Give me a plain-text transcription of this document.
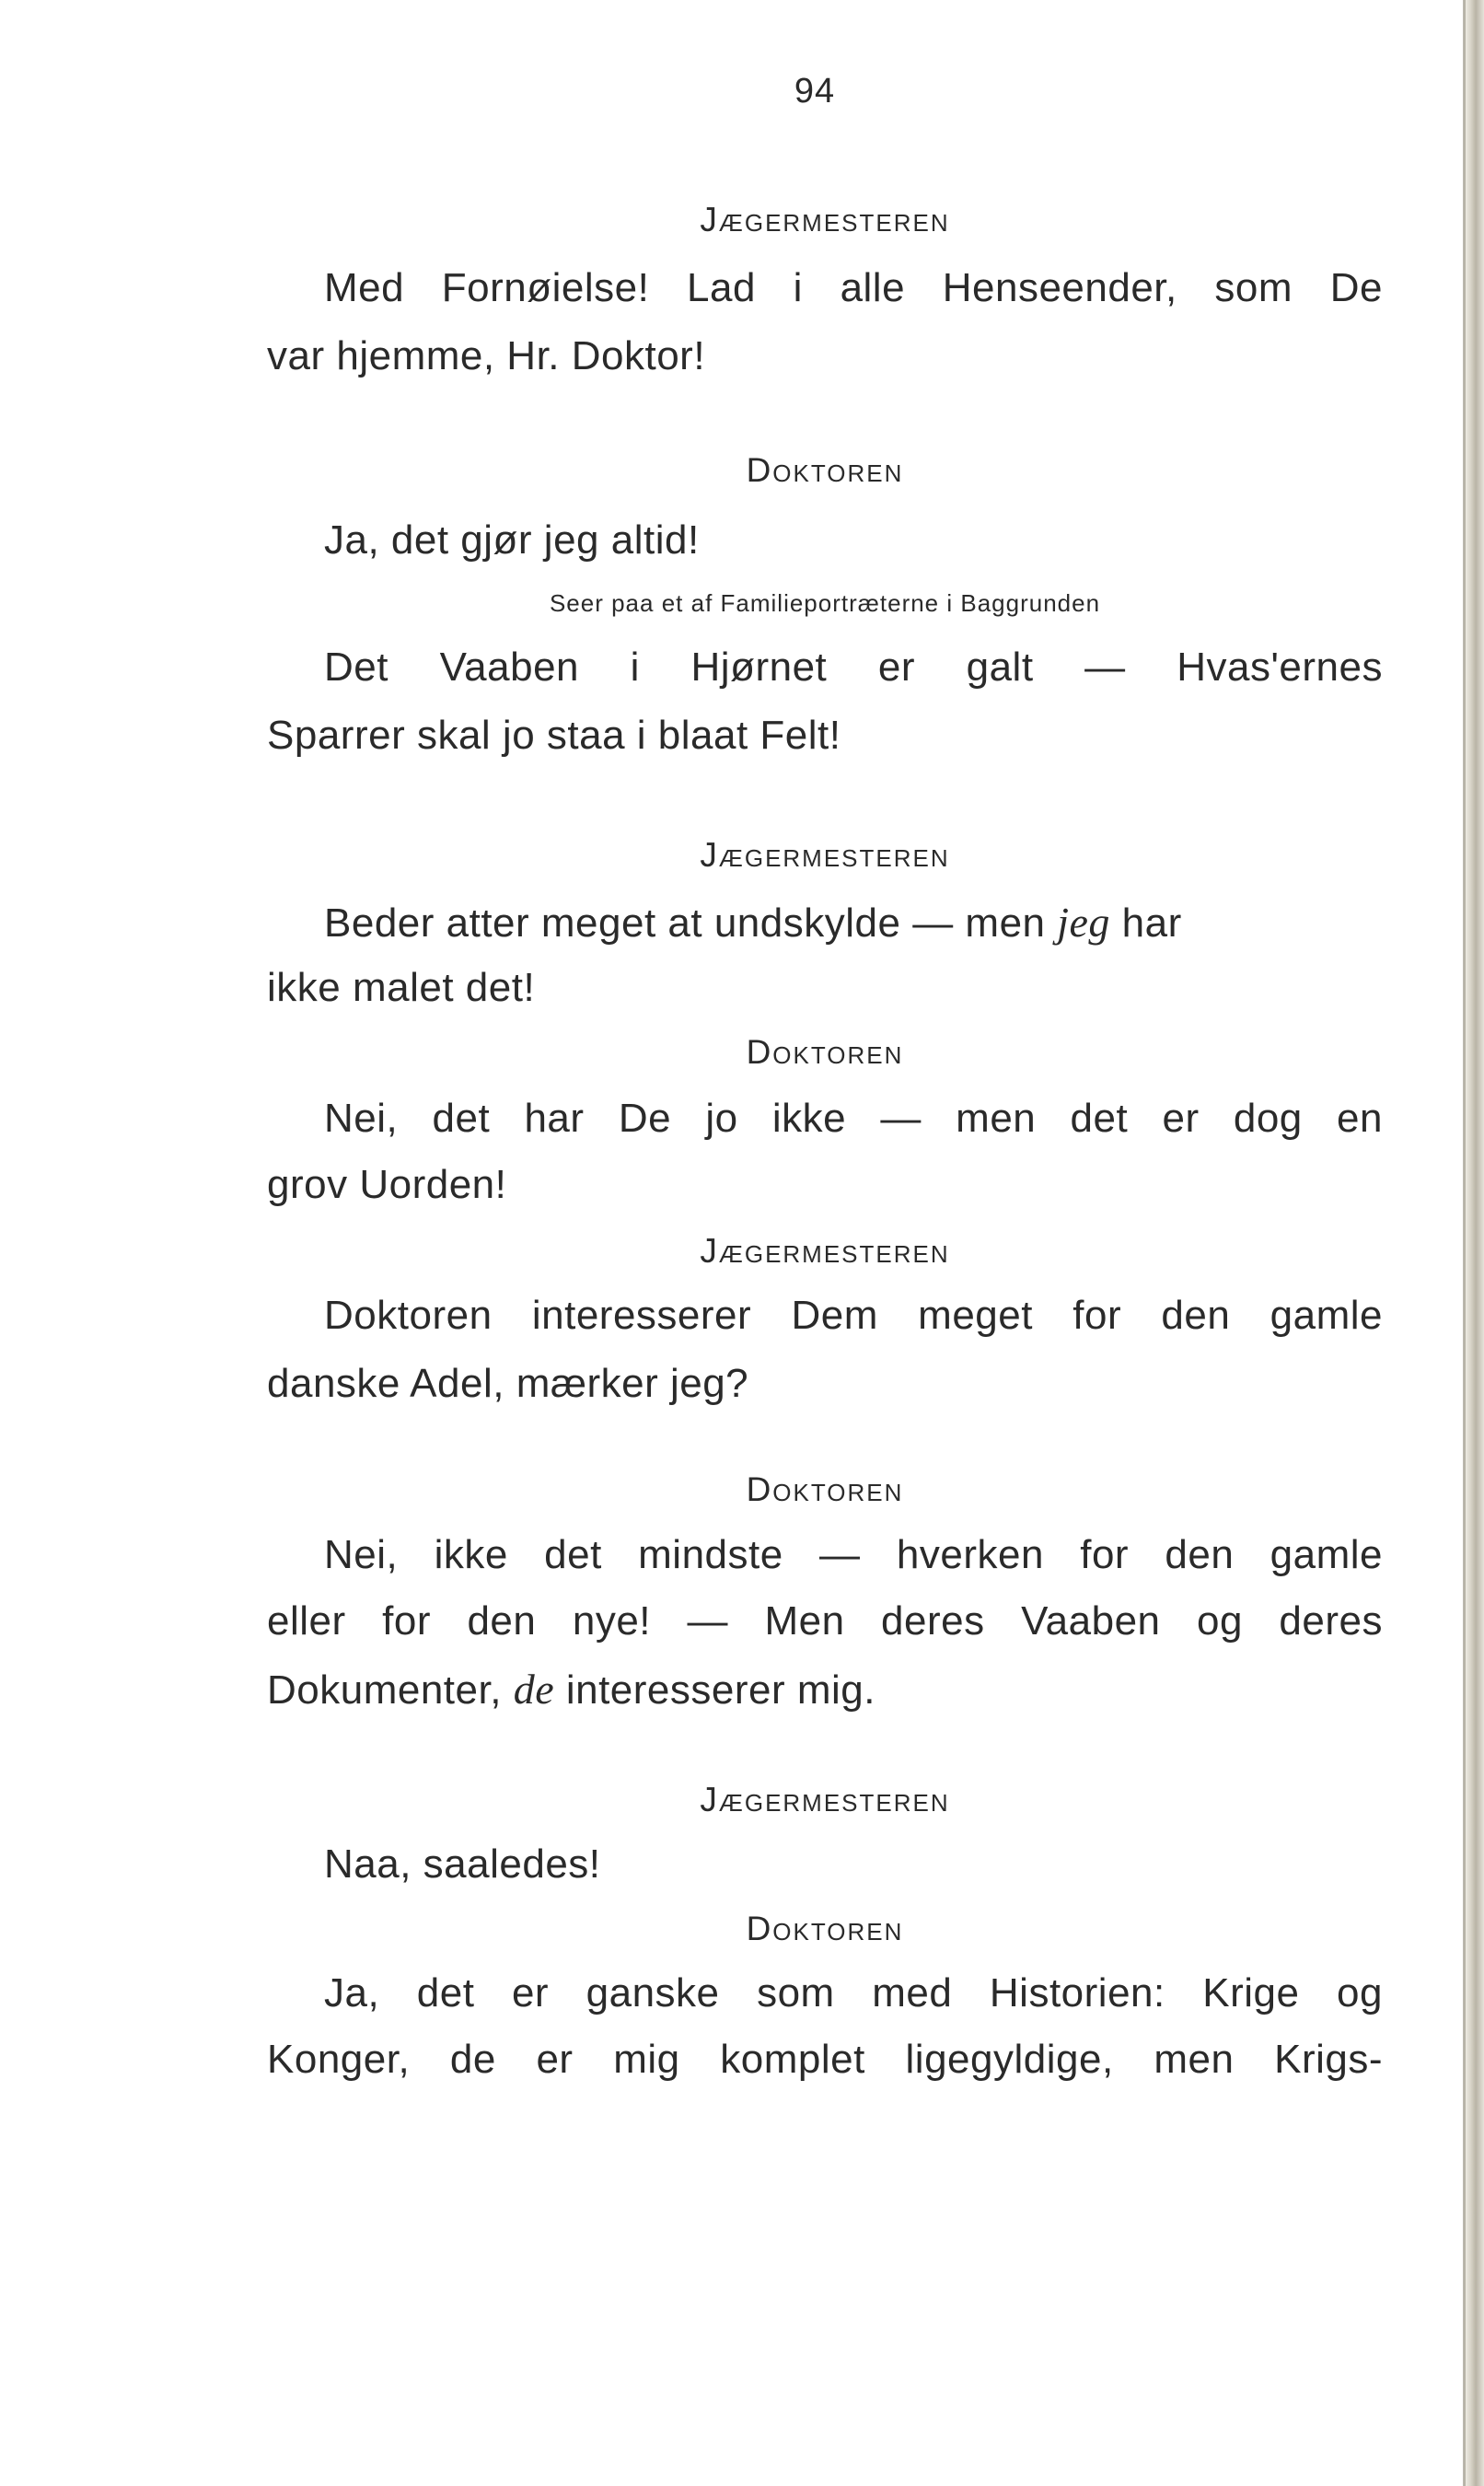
94
Jægermesteren
Med Fornøielse! Lad i alle Henseender, som De
var hjemme, Hr. Doktor!
Doktoren
Ja, det gjør jeg altid!
Seer paa et af Familieportræterne i Baggrunden
Det Vaaben i Hjørnet er galt — Hvas'ernes
Sparrer skal jo staa i blaat Felt!
Jægermesteren
Beder atter meget at undskylde — men jeg har
ikke malet det!
Doktoren
Nei, det har De jo ikke — men det er dog en
grov Uorden!
Jægermesteren
Doktoren interesserer Dem meget for den gamle
danske Adel, mærker jeg?
Doktoren
Nei, ikke det mindste — hverken for den gamle
eller for den nye! — Men deres Vaaben og deres
Dokumenter, de interesserer mig.
Jægermesteren
Naa, saaledes!
Doktoren
Ja, det er ganske som med Historien: Krige og
Konger, de er mig komplet ligegyldige, men Krigs-
